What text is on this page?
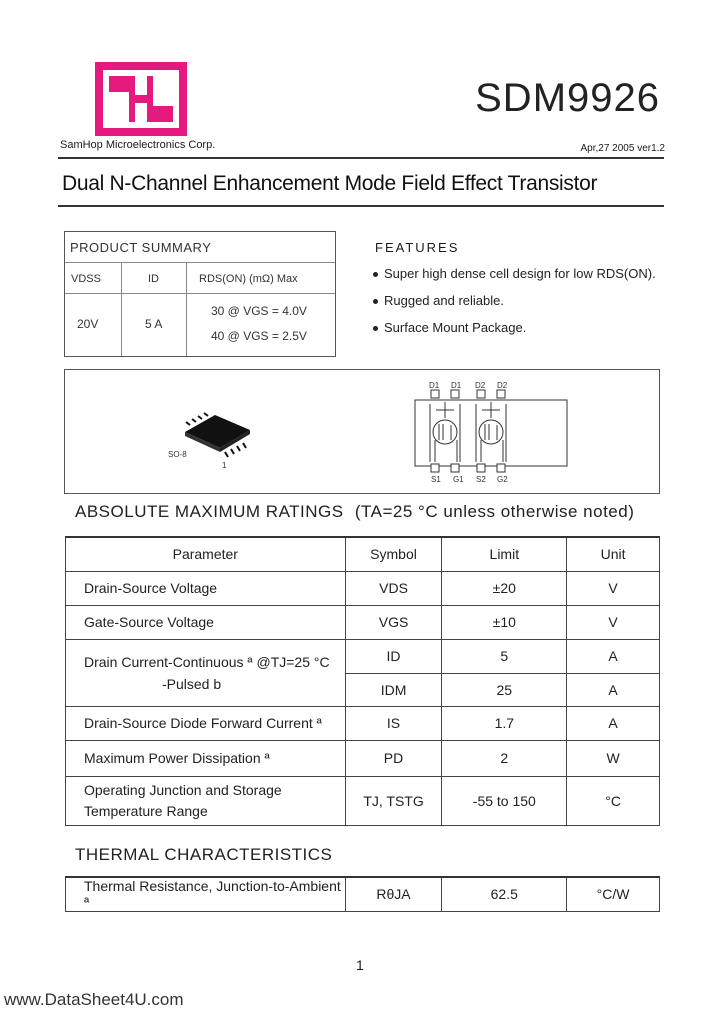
SamHop Microelectronics Corp.
SDM9926
Apr,27 2005 ver1.2
Dual N-Channel Enhancement Mode Field Effect Transistor
PRODUCT SUMMARY
VDSS	ID	RDS(ON) (mΩ) Max
20V	5 A
30 @ VGS = 4.0V
40 @ VGS = 2.5V
FEATURES
Super high dense cell design for low RDS(ON).
Rugged and reliable.
Surface Mount Package.
SO-8
1
D1 D1 D2 D2
S1 G1 S2 G2
ABSOLUTE MAXIMUM RATINGS (TA=25 °C unless otherwise noted)
Parameter	Symbol	Limit	Unit
Drain-Source Voltage	VDS	±20	V
Gate-Source Voltage	VGS	±10	V

Drain Current-Continuous ª @TJ=25 °C
-Pulsed b	ID	5	A
	IDM	25	A
Drain-Source Diode Forward Current ª	IS	1.7	A
Maximum Power Dissipation ª	PD	2	W

Operating Junction and Storage
Temperature Range	TJ, TSTG	-55 to 150	°C
THERMAL CHARACTERISTICS
Thermal Resistance, Junction-to-Ambient ª	RθJA	62.5	°C/W
1
www.DataSheet4U.com
